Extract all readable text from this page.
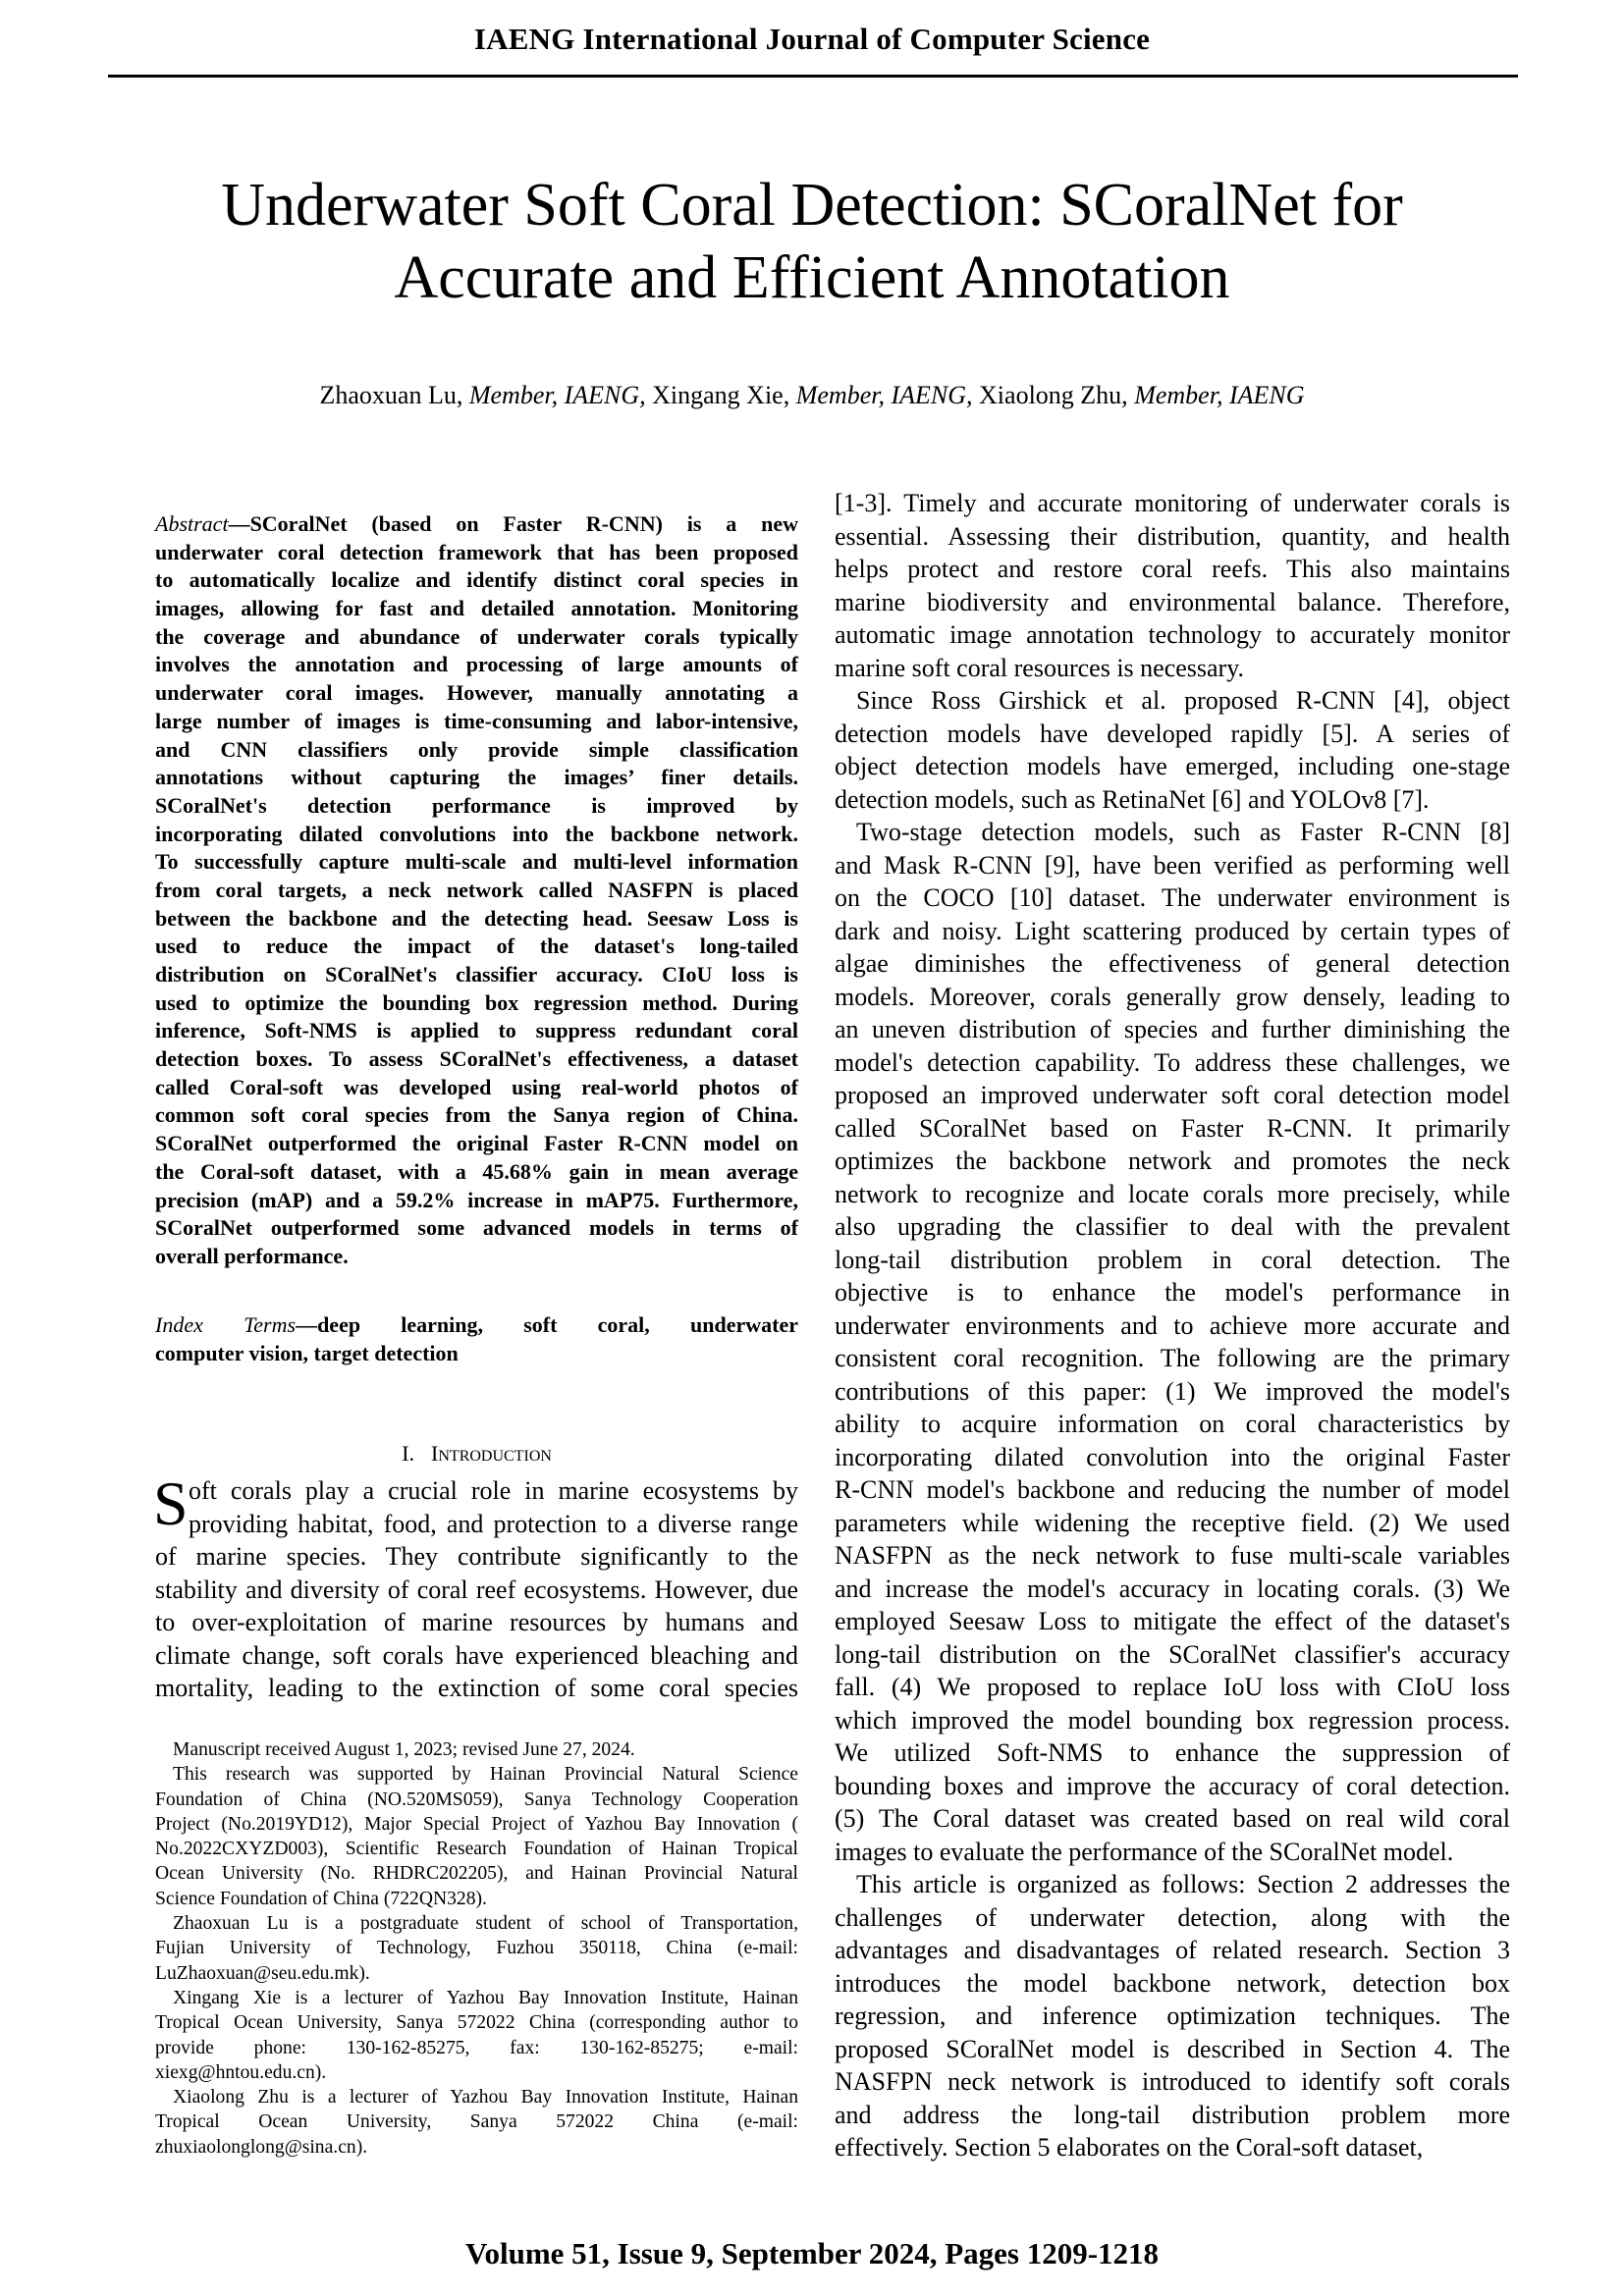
IAENG International Journal of Computer Science
Underwater Soft Coral Detection: SCoralNet for
Accurate and Efficient Annotation
Zhaoxuan Lu, Member, IAENG, Xingang Xie, Member, IAENG, Xiaolong Zhu, Member, IAENG
Abstract—SCoralNet (based on Faster R-CNN) is a new
underwater coral detection framework that has been proposed
to automatically localize and identify distinct coral species in
images, allowing for fast and detailed annotation. Monitoring
the coverage and abundance of underwater corals typically
involves the annotation and processing of large amounts of
underwater coral images. However, manually annotating a
large number of images is time-consuming and labor-intensive,
and CNN classifiers only provide simple classification
annotations without capturing the images’ finer details.
SCoralNet's detection performance is improved by
incorporating dilated convolutions into the backbone network.
To successfully capture multi-scale and multi-level information
from coral targets, a neck network called NASFPN is placed
between the backbone and the detecting head. Seesaw Loss is
used to reduce the impact of the dataset's long-tailed
distribution on SCoralNet's classifier accuracy. CIoU loss is
used to optimize the bounding box regression method. During
inference, Soft-NMS is applied to suppress redundant coral
detection boxes. To assess SCoralNet's effectiveness, a dataset
called Coral-soft was developed using real-world photos of
common soft coral species from the Sanya region of China.
SCoralNet outperformed the original Faster R-CNN model on
the Coral-soft dataset, with a 45.68% gain in mean average
precision (mAP) and a 59.2% increase in mAP75. Furthermore,
SCoralNet outperformed some advanced models in terms of
overall performance.
Index Terms—deep learning, soft coral, underwater
computer vision, target detection
I. Introduction
S oft corals play a crucial role in marine ecosystems by
providing habitat, food, and protection to a diverse range
of marine species. They contribute significantly to the
stability and diversity of coral reef ecosystems. However, due
to over-exploitation of marine resources by humans and
climate change, soft corals have experienced bleaching and
mortality, leading to the extinction of some coral species
Manuscript received August 1, 2023; revised June 27, 2024.
This research was supported by Hainan Provincial Natural Science
Foundation of China (NO.520MS059), Sanya Technology Cooperation
Project (No.2019YD12), Major Special Project of Yazhou Bay Innovation (
No.2022CXYZD003), Scientific Research Foundation of Hainan Tropical
Ocean University (No. RHDRC202205), and Hainan Provincial Natural
Science Foundation of China (722QN328).
Zhaoxuan Lu is a postgraduate student of school of Transportation,
Fujian University of Technology, Fuzhou 350118, China (e-mail:
LuZhaoxuan@seu.edu.mk).
Xingang Xie is a lecturer of Yazhou Bay Innovation Institute, Hainan
Tropical Ocean University, Sanya 572022 China (corresponding author to
provide phone: 130-162-85275, fax: 130-162-85275; e-mail:
xiexg@hntou.edu.cn).
Xiaolong Zhu is a lecturer of Yazhou Bay Innovation Institute, Hainan
Tropical Ocean University, Sanya 572022 China (e-mail:
zhuxiaolonglong@sina.cn).
[1-3]. Timely and accurate monitoring of underwater corals is
essential. Assessing their distribution, quantity, and health
helps protect and restore coral reefs. This also maintains
marine biodiversity and environmental balance. Therefore,
automatic image annotation technology to accurately monitor
marine soft coral resources is necessary.
Since Ross Girshick et al. proposed R-CNN [4], object
detection models have developed rapidly [5]. A series of
object detection models have emerged, including one-stage
detection models, such as RetinaNet [6] and YOLOv8 [7].
Two-stage detection models, such as Faster R-CNN [8]
and Mask R-CNN [9], have been verified as performing well
on the COCO [10] dataset. The underwater environment is
dark and noisy. Light scattering produced by certain types of
algae diminishes the effectiveness of general detection
models. Moreover, corals generally grow densely, leading to
an uneven distribution of species and further diminishing the
model's detection capability. To address these challenges, we
proposed an improved underwater soft coral detection model
called SCoralNet based on Faster R-CNN. It primarily
optimizes the backbone network and promotes the neck
network to recognize and locate corals more precisely, while
also upgrading the classifier to deal with the prevalent
long-tail distribution problem in coral detection. The
objective is to enhance the model's performance in
underwater environments and to achieve more accurate and
consistent coral recognition. The following are the primary
contributions of this paper: (1) We improved the model's
ability to acquire information on coral characteristics by
incorporating dilated convolution into the original Faster
R-CNN model's backbone and reducing the number of model
parameters while widening the receptive field. (2) We used
NASFPN as the neck network to fuse multi-scale variables
and increase the model's accuracy in locating corals. (3) We
employed Seesaw Loss to mitigate the effect of the dataset's
long-tail distribution on the SCoralNet classifier's accuracy
fall. (4) We proposed to replace IoU loss with CIoU loss
which improved the model bounding box regression process.
We utilized Soft-NMS to enhance the suppression of
bounding boxes and improve the accuracy of coral detection.
(5) The Coral dataset was created based on real wild coral
images to evaluate the performance of the SCoralNet model.
This article is organized as follows: Section 2 addresses the
challenges of underwater detection, along with the
advantages and disadvantages of related research. Section 3
introduces the model backbone network, detection box
regression, and inference optimization techniques. The
proposed SCoralNet model is described in Section 4. The
NASFPN neck network is introduced to identify soft corals
and address the long-tail distribution problem more
effectively. Section 5 elaborates on the Coral-soft dataset,
Volume 51, Issue 9, September 2024, Pages 1209-1218
